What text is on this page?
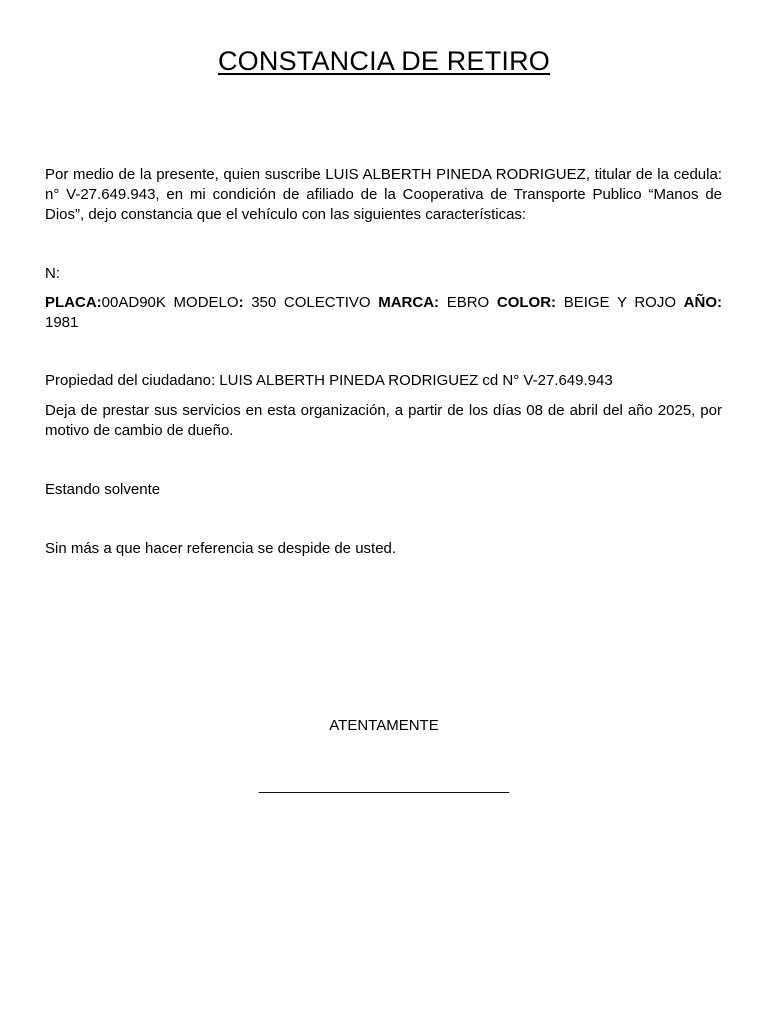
CONSTANCIA DE RETIRO
Por medio de la presente, quien suscribe LUIS ALBERTH PINEDA RODRIGUEZ, titular de la cedula: n° V-27.649.943, en mi condición de afiliado de la Cooperativa de Transporte Publico “Manos de Dios”, dejo constancia que el vehículo con las siguientes características:
N:
PLACA:00AD90K MODELO: 350 COLECTIVO MARCA: EBRO COLOR: BEIGE Y ROJO AÑO: 1981
Propiedad del ciudadano: LUIS ALBERTH PINEDA RODRIGUEZ cd N° V-27.649.943
Deja de prestar sus servicios en esta organización, a partir de los días 08 de abril del año 2025, por motivo de cambio de dueño.
Estando solvente
Sin más a que hacer referencia se despide de usted.
ATENTAMENTE
______________________________
